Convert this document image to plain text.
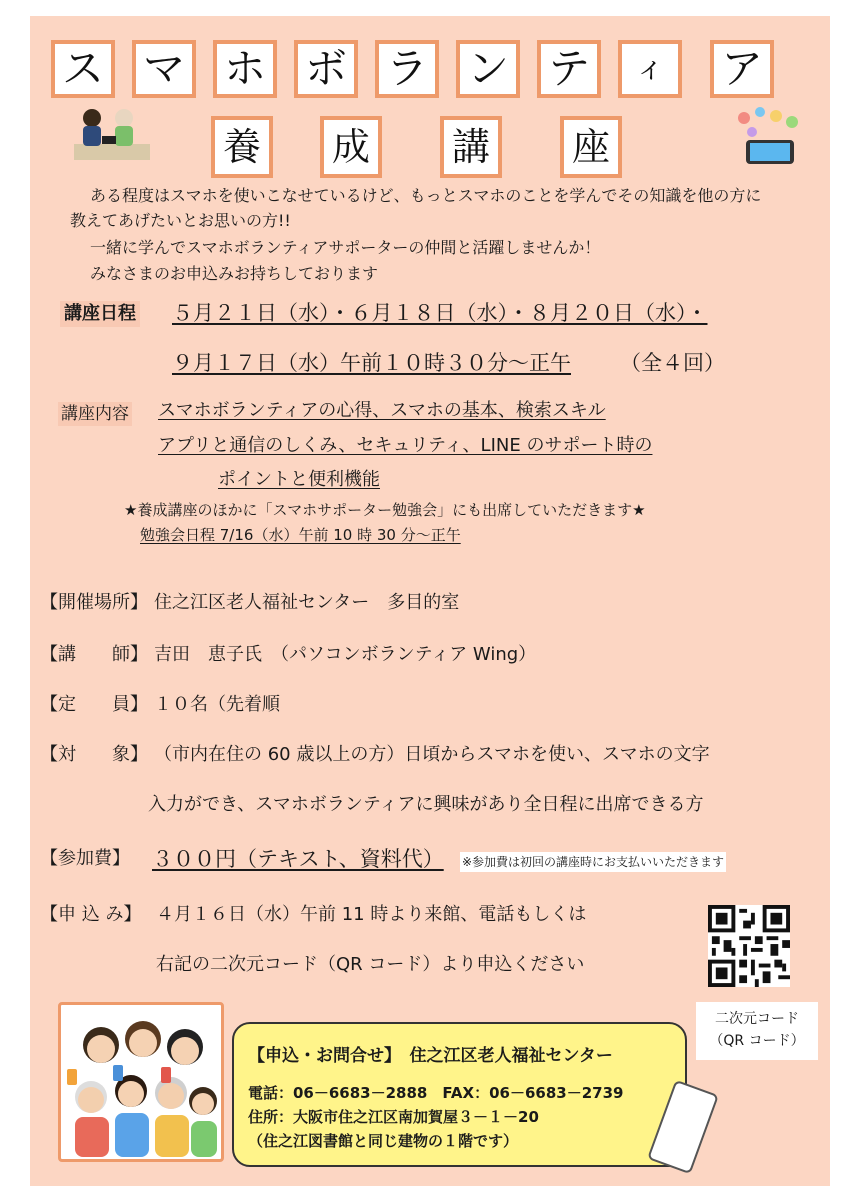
ス マ ホ ボ ラ ン テ	ィ	ア
養	成	講	座
ある程度はスマホを使いこなせているけど、もっとスマホのことを学んでその知識を他の方に
教えてあげたいとお思いの方!!
一緒に学んでスマホボランティアサポーターの仲間と活躍しませんか！
みなさまのお申込みお持ちしております
講座日程 ５月２１日（水）・６月１８日（水）・８月２０日（水）・
９月１７日（水）午前１０時３０分～正午 （全４回）
講座内容 スマホボランティアの心得、スマホの基本、検索スキル
アプリと通信のしくみ、セキュリティ、LINE のサポート時の
ポイントと便利機能
★養成講座のほかに「スマホサポーター勉強会」にも出席していただきます★
勉強会日程 7/16（水）午前 10 時 30 分～正午
【開催場所】 住之江区老人福祉センター　多目的室
【講　　師】 吉田　恵子氏　（パソコンボランティア Wing）
【定　　員】 １０名（先着順
【対　　象】 （市内在住の 60 歳以上の方）日頃からスマホを使い、スマホの文字
入力ができ、スマホボランティアに興味があり全日程に出席できる方
【参加費】 ３００円（テキスト、資料代） ※参加費は初回の講座時にお支払いいただきます
【申 込 み】 ４月１６日（水）午前 11 時より来館、電話もしくは
右記の二次元コード（QR コード）より申込ください
二次元コード
（QR コード）
【申込・お問合せ】　住之江区老人福祉センター
電話：06－6683－2888　FAX：06－6683－2739
住所：大阪市住之江区南加賀屋３－１－20
（住之江図書館と同じ建物の１階です）
